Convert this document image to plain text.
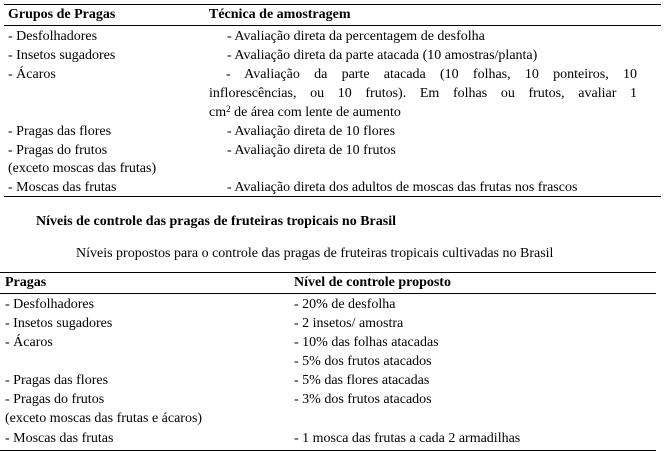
Grupos de Pragas	Técnica de amostragem
- Desfolhadores	- Avaliação direta da percentagem de desfolha
- Insetos sugadores	- Avaliação direta da parte atacada (10 amostras/planta)
- Ácaros	- Avaliação da parte atacada (10 folhas, 10 ponteiros, 10
inflorescências, ou 10 frutos). Em folhas ou frutos, avaliar 1
$cm^2$ de área com lente de aumento
- Pragas das flores	- Avaliação direta de 10 flores
- Pragas do frutos	- Avaliação direta de 10 frutos
(exceto moscas das frutas)
- Moscas das frutas	- Avaliação direta dos adultos de moscas das frutas nos frascos
Níveis de controle das pragas de fruteiras tropicais no Brasil
Níveis propostos para o controle das pragas de fruteiras tropicais cultivadas no Brasil
Pragas	Nível de controle proposto
- Desfolhadores	- 20% de desfolha
- Insetos sugadores	- 2 insetos/ amostra
- Ácaros	- 10% das folhas atacadas
- 5% dos frutos atacados
- Pragas das flores	- 5% das flores atacadas
- Pragas do frutos	- 3% dos frutos atacados
(exceto moscas das frutas e ácaros)
- Moscas das frutas	- 1 mosca das frutas a cada 2 armadilhas
